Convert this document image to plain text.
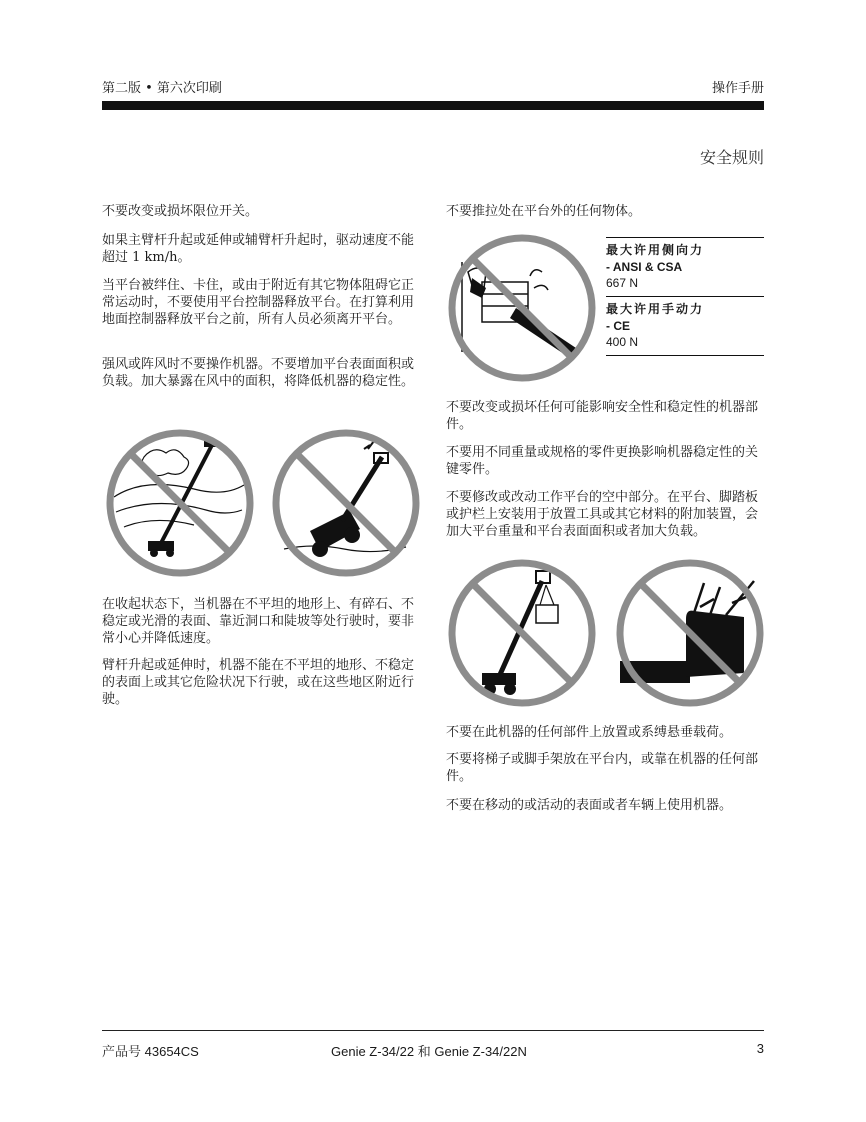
第二版 • 第六次印刷	操作手册
安全规则

不要改变或损坏限位开关。

如果主臂杆升起或延伸或辅臂杆升起时，驱动速度不能超过 1 km/h。

当平台被绊住、卡住，或由于附近有其它物体阻碍它正常运动时，不要使用平台控制器释放平台。在打算利用地面控制器释放平台之前，所有人员必须离开平台。

强风或阵风时不要操作机器。不要增加平台表面面积或负载。加大暴露在风中的面积，将降低机器的稳定性。

在收起状态下，当机器在不平坦的地形上、有碎石、不稳定或光滑的表面、靠近洞口和陡坡等处行驶时，要非常小心并降低速度。

臂杆升起或延伸时，机器不能在不平坦的地形、不稳定的表面上或其它危险状况下行驶，或在这些地区附近行驶。

不要推拉处在平台外的任何物体。

最大许用侧向力
- ANSI & CSA
667 N
最大许用手动力
- CE
400 N

不要改变或损坏任何可能影响安全性和稳定性的机器部件。

不要用不同重量或规格的零件更换影响机器稳定性的关键零件。

不要修改或改动工作平台的空中部分。在平台、脚踏板或护栏上安装用于放置工具或其它材料的附加装置，会加大平台重量和平台表面面积或者加大负载。

不要在此机器的任何部件上放置或系缚悬垂载荷。

不要将梯子或脚手架放在平台内，或靠在机器的任何部件。

不要在移动的或活动的表面或者车辆上使用机器。

产品号 43654CS	Genie Z-34/22 和 Genie Z-34/22N	3
